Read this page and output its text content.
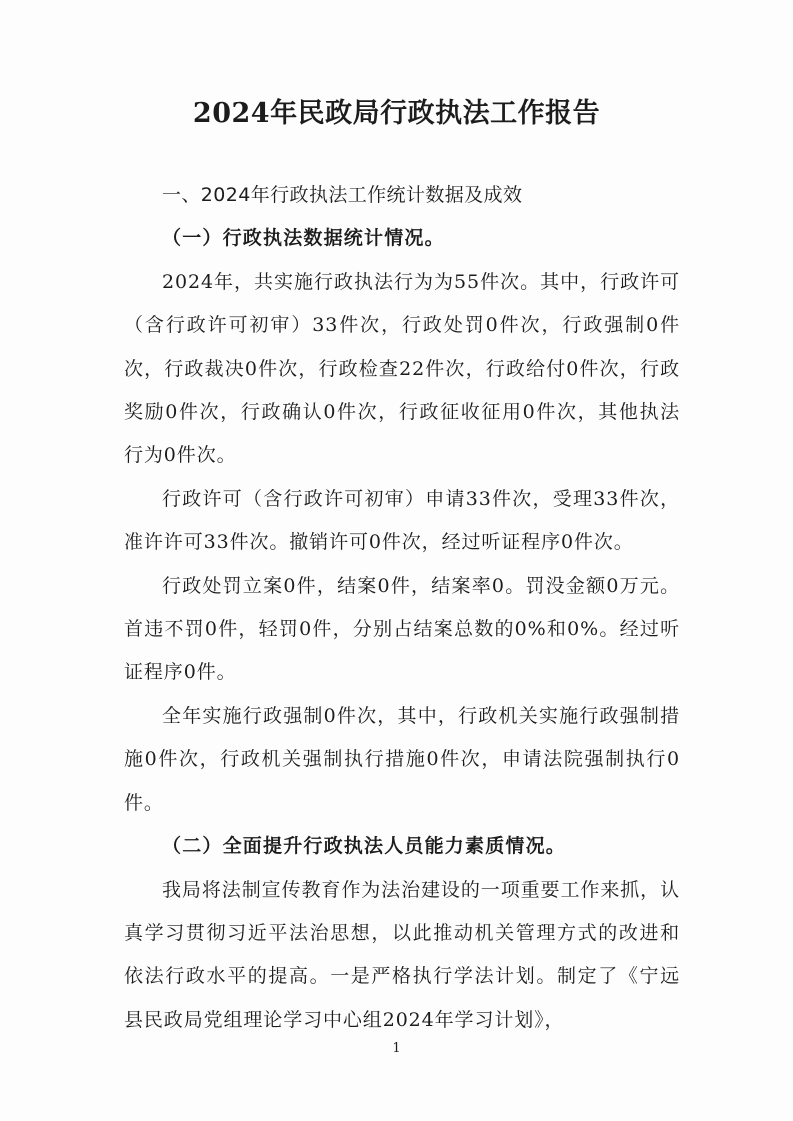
2024年民政局行政执法工作报告
一、2024年行政执法工作统计数据及成效
（一）行政执法数据统计情况。

2024年，共实施行政执法行为为55件次。其中，行政许可（含行政许可初审）33件次，行政处罚0件次，行政强制0件次，行政裁决0件次，行政检查22件次，行政给付0件次，行政奖励0件次，行政确认0件次，行政征收征用0件次，其他执法行为0件次。

行政许可（含行政许可初审）申请33件次，受理33件次，准许许可33件次。撤销许可0件次，经过听证程序0件次。

行政处罚立案0件，结案0件，结案率0。罚没金额0万元。首违不罚0件，轻罚0件，分别占结案总数的0%和0%。经过听证程序0件。

全年实施行政强制0件次，其中，行政机关实施行政强制措施0件次，行政机关强制执行措施0件次，申请法院强制执行0件。

（二）全面提升行政执法人员能力素质情况。

我局将法制宣传教育作为法治建设的一项重要工作来抓，认真学习贯彻习近平法治思想，以此推动机关管理方式的改进和依法行政水平的提高。一是严格执行学法计划。制定了《宁远县民政局党组理论学习中心组2024年学习计划》，

1
